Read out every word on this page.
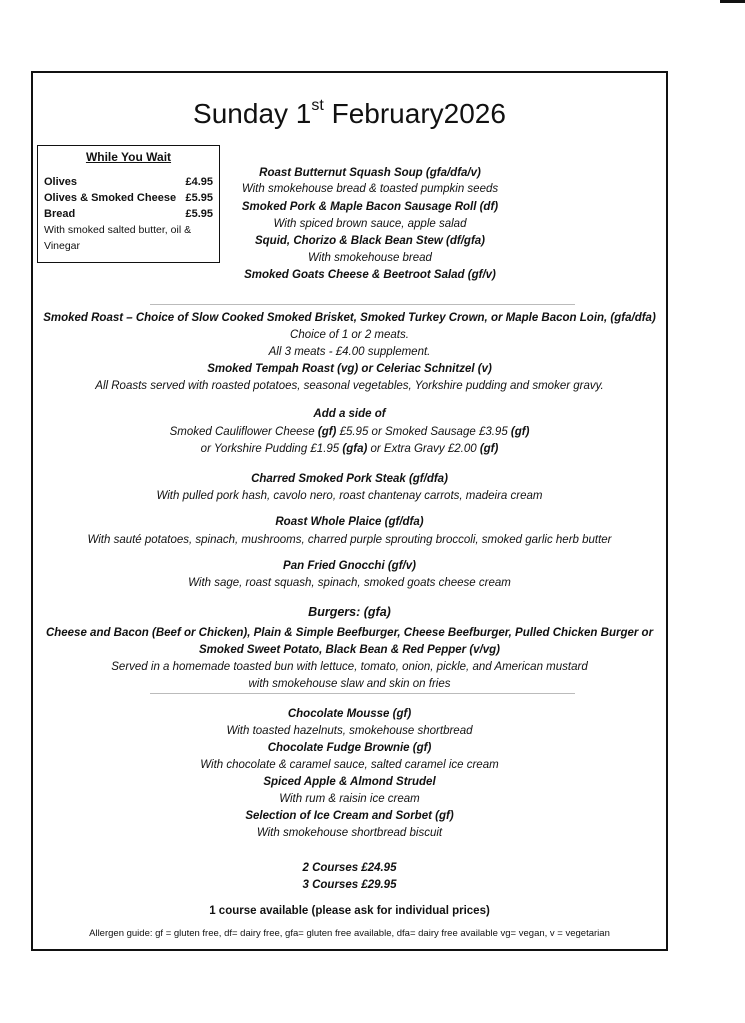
Sunday 1st February2026
While You Wait
Olives	£4.95
Olives & Smoked Cheese £5.95
Bread	£5.95
With smoked salted butter, oil & Vinegar
Roast Butternut Squash Soup (gfa/dfa/v)
With smokehouse bread & toasted pumpkin seeds
Smoked Pork & Maple Bacon Sausage Roll (df)
With spiced brown sauce, apple salad
Squid, Chorizo & Black Bean Stew (df/gfa)
With smokehouse bread
Smoked Goats Cheese & Beetroot Salad (gf/v)
Smoked Roast – Choice of Slow Cooked Smoked Brisket, Smoked Turkey Crown, or Maple Bacon Loin, (gfa/dfa)
Choice of 1 or 2 meats.
All 3 meats - £4.00 supplement.
Smoked Tempah Roast (vg) or Celeriac Schnitzel (v)
All Roasts served with roasted potatoes, seasonal vegetables, Yorkshire pudding and smoker gravy.
Add a side of
Smoked Cauliflower Cheese (gf) £5.95 or Smoked Sausage £3.95 (gf)
or Yorkshire Pudding £1.95 (gfa) or Extra Gravy £2.00 (gf)
Charred Smoked Pork Steak (gf/dfa)
With pulled pork hash, cavolo nero, roast chantenay carrots, madeira cream
Roast Whole Plaice (gf/dfa)
With sauté potatoes, spinach, mushrooms, charred purple sprouting broccoli, smoked garlic herb butter
Pan Fried Gnocchi (gf/v)
With sage, roast squash, spinach, smoked goats cheese cream
Burgers: (gfa)
Cheese and Bacon (Beef or Chicken), Plain & Simple Beefburger, Cheese Beefburger, Pulled Chicken Burger or
Smoked Sweet Potato, Black Bean & Red Pepper (v/vg)
Served in a homemade toasted bun with lettuce, tomato, onion, pickle, and American mustard
with smokehouse slaw and skin on fries
Chocolate Mousse (gf)
With toasted hazelnuts, smokehouse shortbread
Chocolate Fudge Brownie (gf)
With chocolate & caramel sauce, salted caramel ice cream
Spiced Apple & Almond Strudel
With rum & raisin ice cream
Selection of Ice Cream and Sorbet (gf)
With smokehouse shortbread biscuit
2 Courses £24.95
3 Courses £29.95
1 course available (please ask for individual prices)
Allergen guide: gf = gluten free, df= dairy free, gfa= gluten free available, dfa= dairy free available vg= vegan, v = vegetarian
